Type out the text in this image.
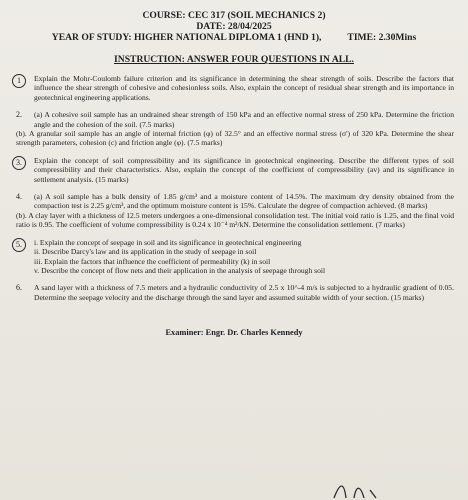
COURSE: CEC 317 (SOIL MECHANICS 2)
DATE: 28/04/2025
YEAR OF STUDY: HIGHER NATIONAL DIPLOMA 1 (HND 1),	TIME: 2.30Mins
INSTRUCTION: ANSWER FOUR QUESTIONS IN ALL.
1	Explain the Mohr-Coulomb failure criterion and its significance in determining the shear strength of soils. Describe the factors that influence the shear strength of cohesive and cohesionless soils. Also, explain the concept of residual shear strength and its importance in geotechnical engineering applications.
2.	(a) A cohesive soil sample has an undrained shear strength of 150 kPa and an effective normal stress of 250 kPa. Determine the friction angle and the cohesion of the soil. (7.5 marks)

(b). A granular soil sample has an angle of internal friction (φ) of 32.5° and an effective normal stress (σ') of 320 kPa. Determine the shear strength parameters, cohesion (c) and friction angle (φ). (7.5 marks)

3.	Explain the concept of soil compressibility and its significance in geotechnical engineering. Describe the different types of soil compressibility and their characteristics. Also, explain the concept of the coefficient of compressibility (av) and its significance in settlement analysis. (15 marks)
4.	(a) A soil sample has a bulk density of 1.85 g/cm³ and a moisture content of 14.5%. The maximum dry density obtained from the compaction test is 2.25 g/cm³, and the optimum moisture content is 15%. Calculate the degree of compaction achieved. (8 marks)

(b). A clay layer with a thickness of 12.5 meters undergoes a one-dimensional consolidation test. The initial void ratio is 1.25, and the final void ratio is 0.95. The coefficient of volume compressibility is 0.24 x 10⁻⁴ m²/kN. Determine the consolidation settlement. (7 marks)

5.	i. Explain the concept of seepage in soil and its significance in geotechnical engineering
ii. Describe Darcy's law and its application in the study of seepage in soil
iii. Explain the factors that influence the coefficient of permeability (k) in soil
v. Describe the concept of flow nets and their application in the analysis of seepage through soil
6.	A sand layer with a thickness of 7.5 meters and a hydraulic conductivity of 2.5 x 10^-4 m/s is subjected to a hydraulic gradient of 0.05. Determine the seepage velocity and the discharge through the sand layer and assumed suitable width of your section. (15 marks)
Examiner: Engr. Dr. Charles Kennedy
